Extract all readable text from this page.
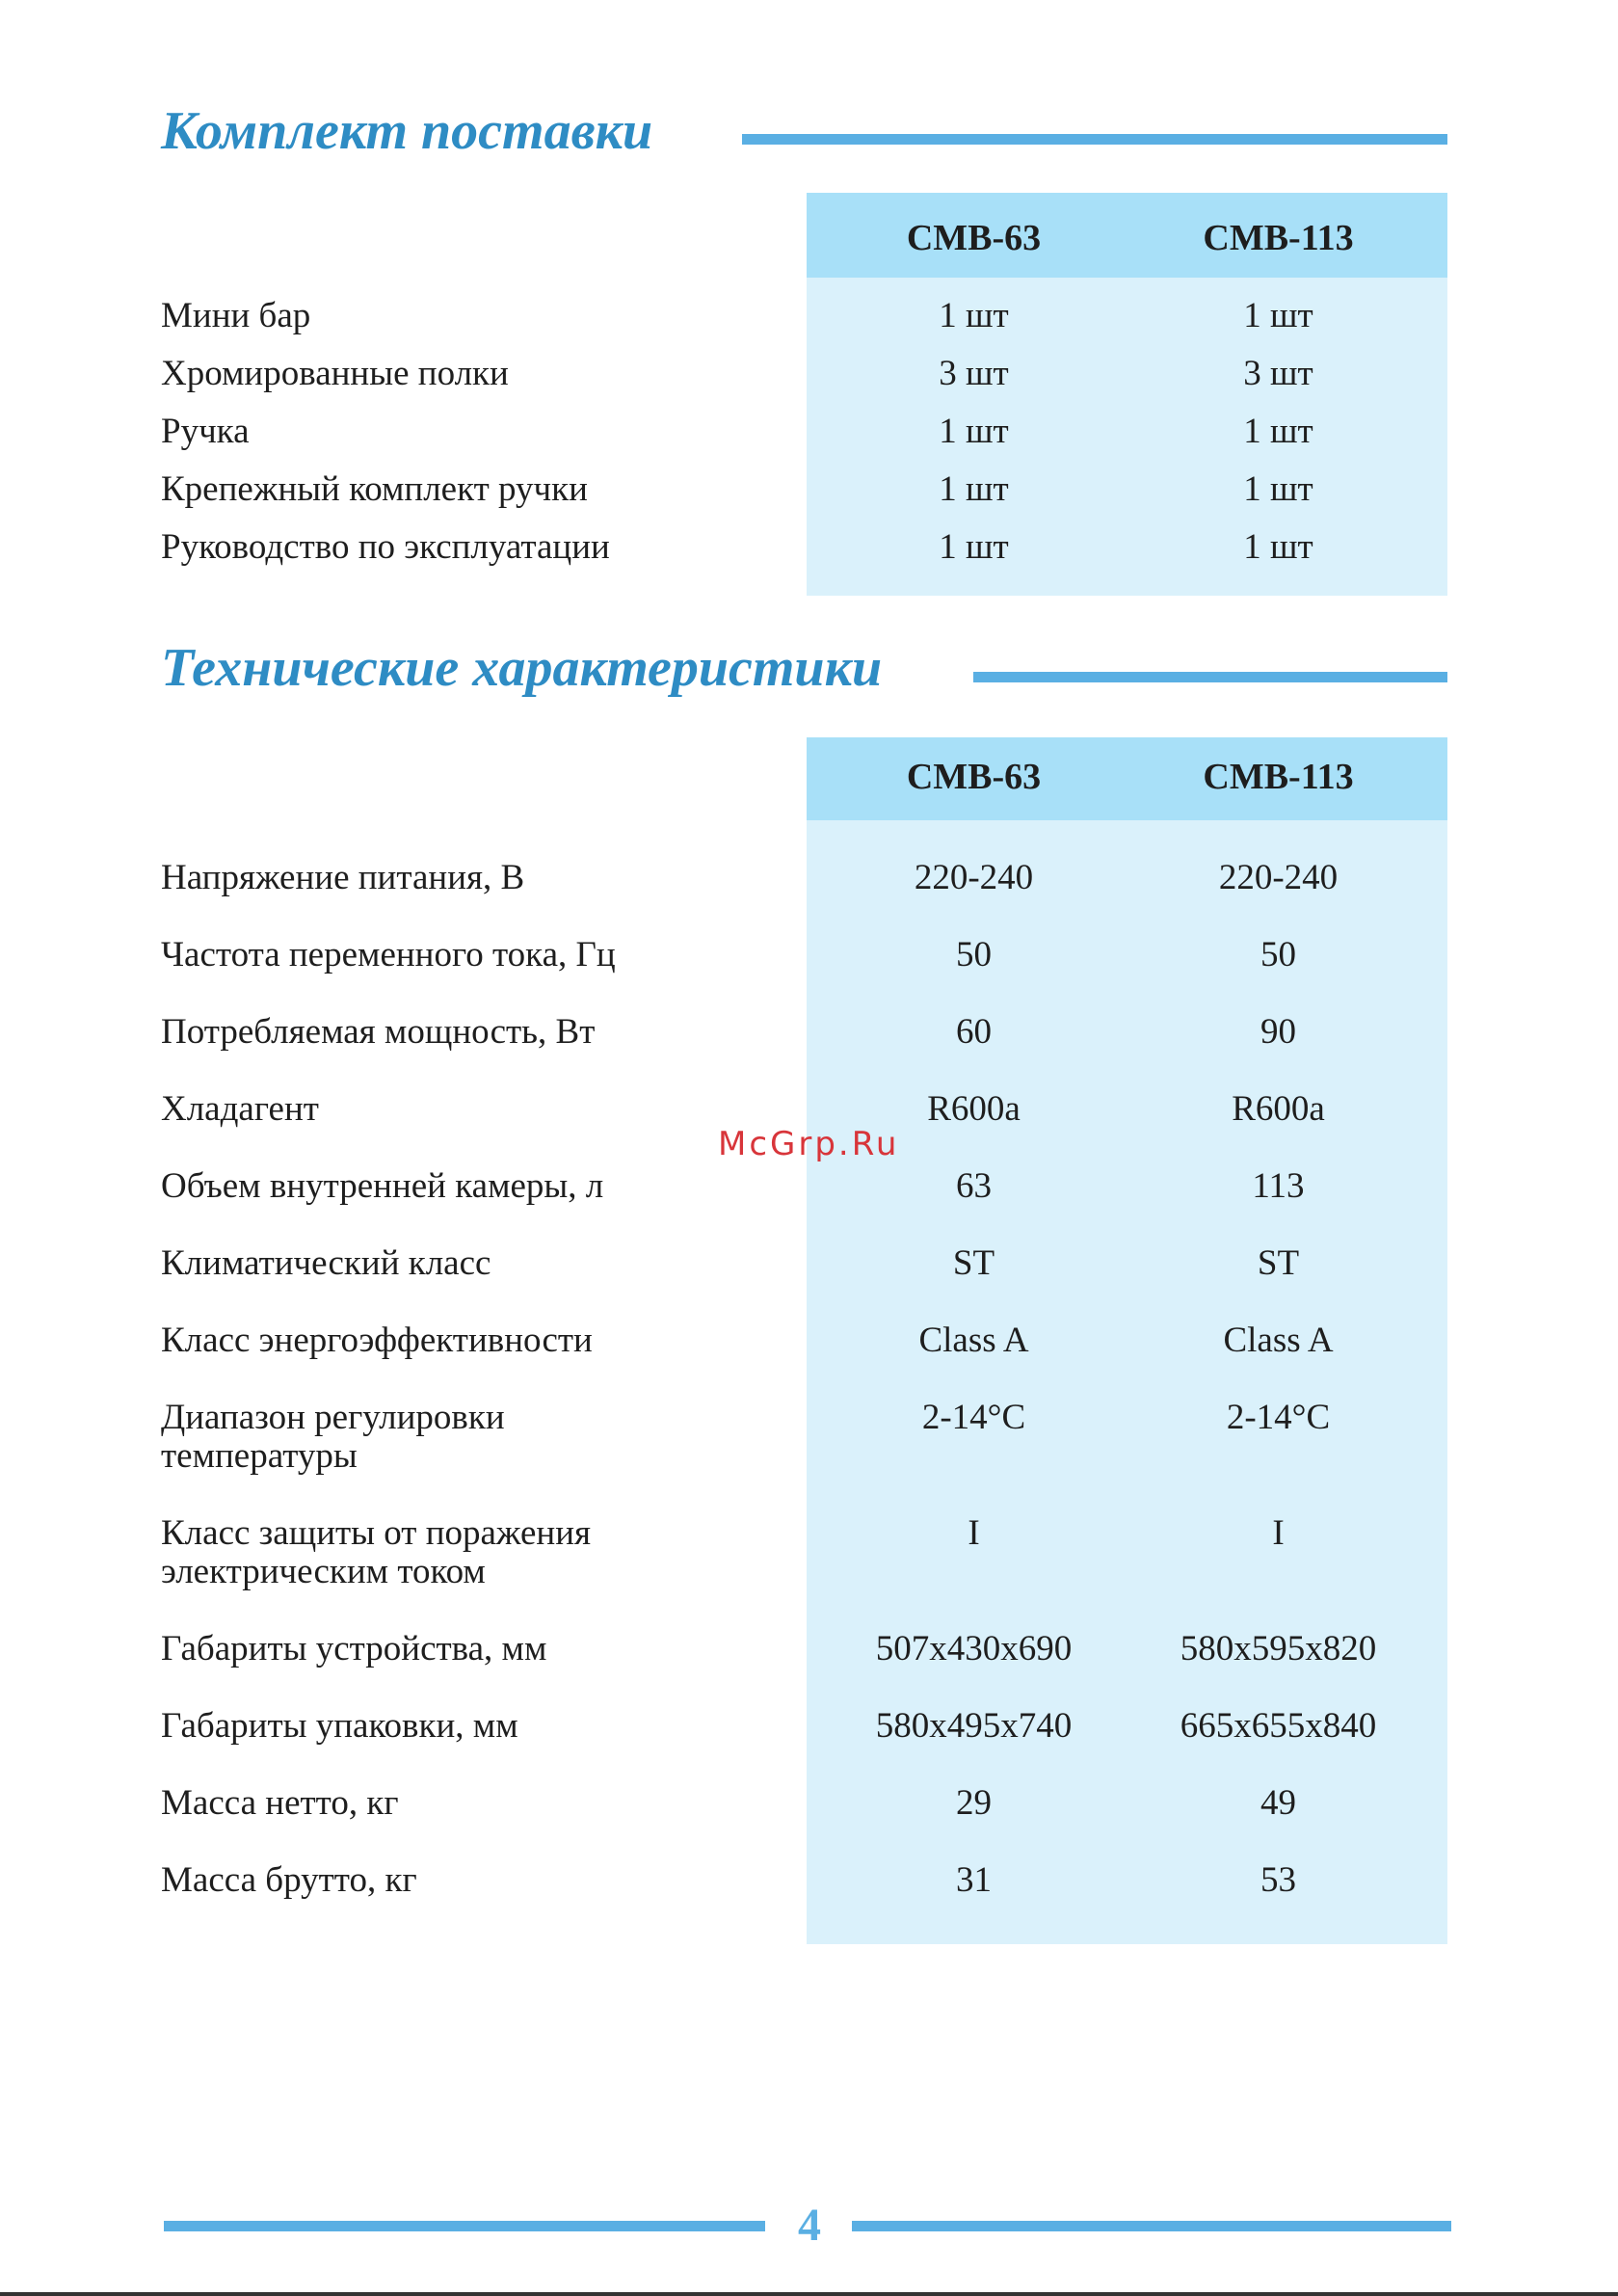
Комплект поставки
CMB-63	CMB-113
Мини бар	1 шт	1 шт
Хромированные полки	3 шт	3 шт
Ручка	1 шт	1 шт
Крепежный комплект ручки	1 шт	1 шт
Руководство по эксплуатации	1 шт	1 шт
Технические характеристики
CMB-63	CMB-113
Напряжение питания, В	220-240	220-240
Частота переменного тока, Гц	50	50
Потребляемая мощность, Вт	60	90
Хладагент	R600a	R600a
Объем внутренней камеры, л	63	113
Климатический класс	ST	ST
Класс энергоэффективности	Class A	Class A
Диапазон регулировки
температуры
2-14°C	2-14°C
Класс защиты от поражения
электрическим током
I	I
Габариты устройства, мм	507x430x690	580x595x820
Габариты упаковки, мм	580x495x740	665x655x840
Масса нетто, кг	29	49
Масса брутто, кг	31	53
McGrp.Ru
4
